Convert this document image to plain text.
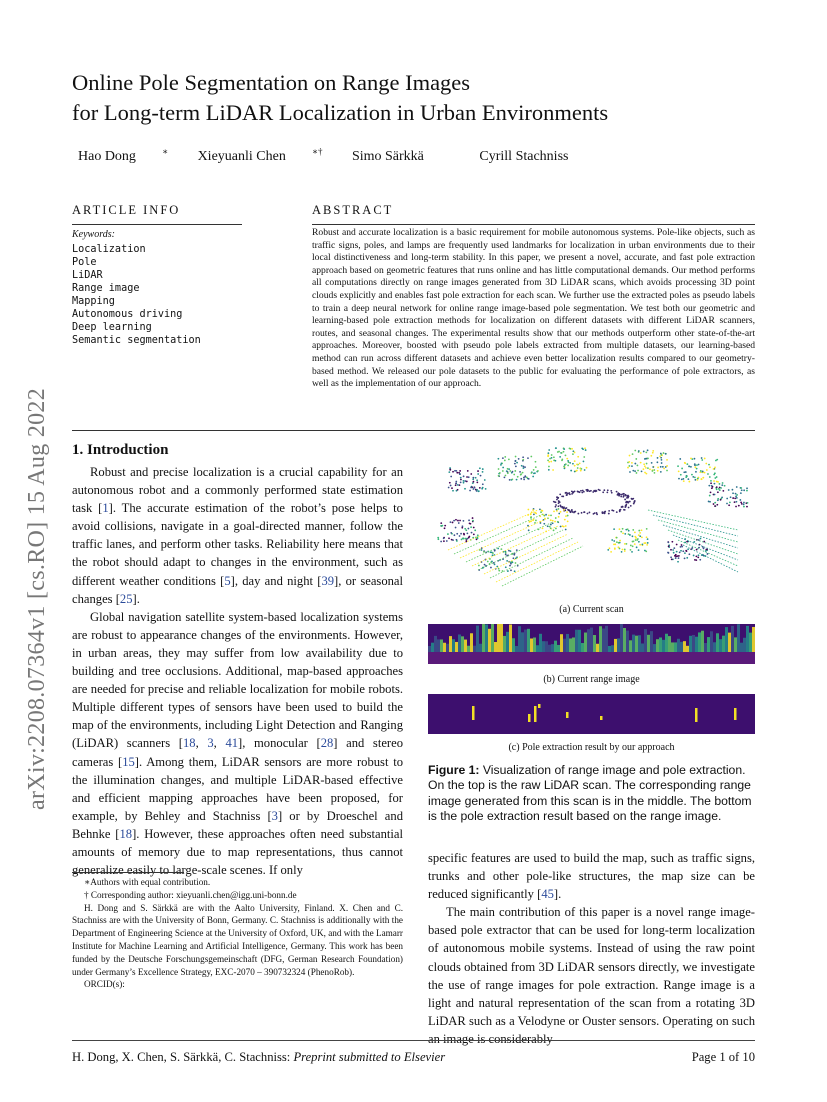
Online Pole Segmentation on Range Images
for Long-term LiDAR Localization in Urban Environments
Hao Dong	∗ Xieyuanli Chen	∗† Simo Särkkä	Cyrill Stachniss
ARTICLE INFO
Keywords:
Localization
Pole
LiDAR
Range image
Mapping
Autonomous driving
Deep learning
Semantic segmentation
ABSTRACT
Robust and accurate localization is a basic requirement for mobile autonomous systems. Pole-like objects, such as traffic signs, poles, and lamps are frequently used landmarks for localization in urban environments due to their local distinctiveness and long-term stability. In this paper, we present a novel, accurate, and fast pole extraction approach based on geometric features that runs online and has little computational demands. Our method performs all computations directly on range images generated from 3D LiDAR scans, which avoids processing 3D point clouds explicitly and enables fast pole extraction for each scan. We further use the extracted poles as pseudo labels to train a deep neural network for online range image-based pole segmentation. We test both our geometric and learning-based pole extraction methods for localization on different datasets with different LiDAR scanners, routes, and seasonal changes. The experimental results show that our methods outperform other state-of-the-art approaches. Moreover, boosted with pseudo pole labels extracted from multiple datasets, our learning-based method can run across different datasets and achieve even better localization results compared to our geometry-based method. We released our pole datasets to the public for evaluating the performance of pole extractors, as well as the implementation of our approach.
arXiv:2208.07364v1 [cs.RO] 15 Aug 2022 1. Introduction

Robust and precise localization is a crucial capability for an autonomous robot and a commonly performed state estimation task [1]. The accurate estimation of the robot’s pose helps to avoid collisions, navigate in a goal-directed manner, follow the traffic lanes, and perform other tasks. Reliability here means that the robot should adapt to changes in the environment, such as different weather conditions [5], day and night [39], or seasonal changes [25].

Global navigation satellite system-based localization systems are robust to appearance changes of the environments. However, in urban areas, they may suffer from low availability due to building and tree occlusions. Additional, map-based approaches are needed for precise and reliable localization for mobile robots. Multiple different types of sensors have been used to build the map of the environments, including Light Detection and Ranging (LiDAR) scanners [18, 3, 41], monocular [28] and stereo cameras [15]. Among them, LiDAR sensors are more robust to the illumination changes, and multiple LiDAR-based effective and efficient mapping approaches have been proposed, for example, by Behley and Stachniss [3] or by Droeschel and Behnke [18]. However, these approaches often need substantial amounts of memory due to map representations, thus cannot generalize easily to large-scale scenes. If only

∗Authors with equal contribution.

† Corresponding author: xieyuanli.chen@igg.uni-bonn.de

H. Dong and S. Särkkä are with the Aalto University, Finland. X. Chen and C. Stachniss are with the University of Bonn, Germany. C. Stachniss is additionally with the Department of Engineering Science at the University of Oxford, UK, and with the Lamarr Institute for Machine Learning and Artificial Intelligence, Germany. This work has been funded by the Deutsche Forschungsgemeinschaft (DFG, German Research Foundation) under Germany’s Excellence Strategy, EXC-2070 – 390732324 (PhenoRob).

ORCID(s):

(a) Current scan
(b) Current range image
(c) Pole extraction result by our approach
Figure 1: Visualization of range image and pole extraction. On the top is the raw LiDAR scan. The corresponding range image generated from this scan is in the middle. The bottom is the pole extraction result based on the range image.

specific features are used to build the map, such as traffic signs, trunks and other pole-like structures, the map size can be reduced significantly [45].

The main contribution of this paper is a novel range image-based pole extractor that can be used for long-term localization of autonomous mobile systems. Instead of using the raw point clouds obtained from 3D LiDAR sensors directly, we investigate the use of range images for pole extraction. Range image is a light and natural representation of the scan from a rotating 3D LiDAR such as a Velodyne or Ouster sensors. Operating on such an image is considerably

H. Dong, X. Chen, S. Särkkä, C. Stachniss: Preprint submitted to Elsevier	Page 1 of 10
